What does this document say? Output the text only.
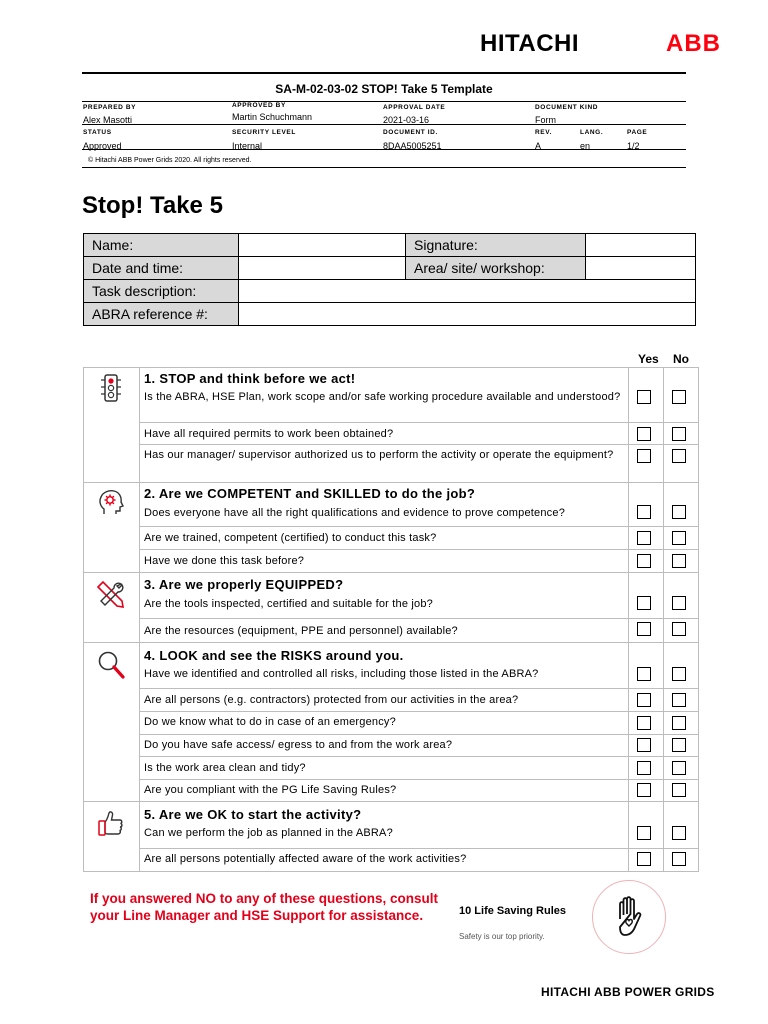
HITACHI	ABB
SA-M-02-03-02 STOP! Take 5 Template
PREPARED BY
Alex Masotti
APPROVED BY
Martin Schuchmann
APPROVAL DATE
2021-03-16
DOCUMENT KIND
Form
STATUS
Approved
SECURITY LEVEL
Internal
DOCUMENT ID.
8DAA5005251
REV.
A
LANG.
en
PAGE
1/2
© Hitachi ABB Power Grids 2020. All rights reserved.
Stop! Take 5
Name:		Signature:	
Date and time:		Area/ site/ workshop:	
Task description:			
ABRA reference #:			
Yes No
1. STOP and think before we act!
Is the ABRA, HSE Plan, work scope and/or safe working procedure available and understood?
Have all required permits to work been obtained?
Has our manager/ supervisor authorized us to perform the activity or operate the equipment?
2. Are we COMPETENT and SKILLED to do the job?
Does everyone have all the right qualifications and evidence to prove competence?
Are we trained, competent (certified) to conduct this task?
Have we done this task before?
3. Are we properly EQUIPPED?
Are the tools inspected, certified and suitable for the job?
Are the resources (equipment, PPE and personnel) available?
4. LOOK and see the RISKS around you.
Have we identified and controlled all risks, including those listed in the ABRA?
Are all persons (e.g. contractors) protected from our activities in the area?
Do we know what to do in case of an emergency?
Do you have safe access/ egress to and from the work area?
Is the work area clean and tidy?
Are you compliant with the PG Life Saving Rules?
5. Are we OK to start the activity?
Can we perform the job as planned in the ABRA?
Are all persons potentially affected aware of the work activities?
If you answered NO to any of these questions, consult your Line Manager and HSE Support for assistance.	10 Life Saving Rules
Safety is our top priority.
HITACHI ABB POWER GRIDS
